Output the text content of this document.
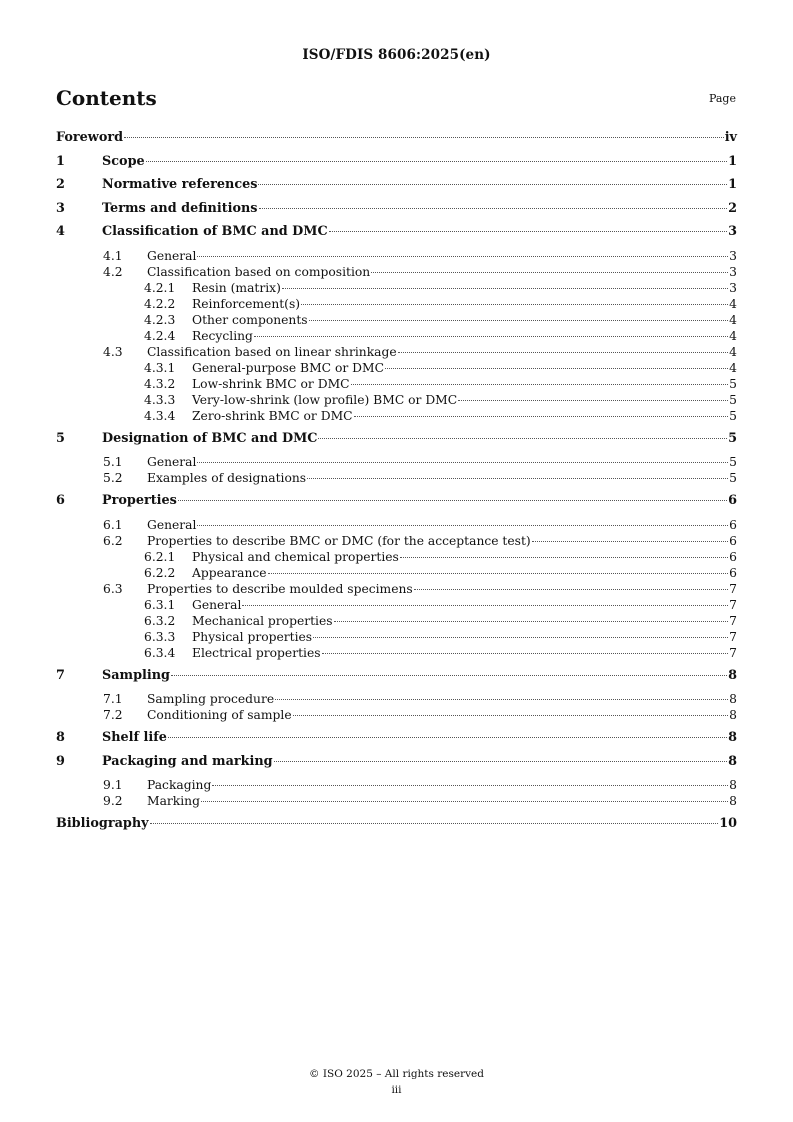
ISO/FDIS 8606:2025(en)
Contents	Page
Foreword	iv
1	Scope	1
2	Normative references	1
3	Terms and definitions	2
4	Classification of BMC and DMC	3
4.1 General	3
4.2 Classification based on composition	3
4.2.1 Resin (matrix)	3
4.2.2 Reinforcement(s)	4
4.2.3 Other components	4
4.2.4 Recycling	4
4.3 Classification based on linear shrinkage	4
4.3.1 General-purpose BMC or DMC	4
4.3.2 Low-shrink BMC or DMC	5
4.3.3 Very-low-shrink (low profile) BMC or DMC	5
4.3.4 Zero-shrink BMC or DMC	5
5	Designation of BMC and DMC	5
5.1 General	5
5.2 Examples of designations	5
6	Properties	6
6.1 General	6
6.2 Properties to describe BMC or DMC (for the acceptance test)	6
6.2.1 Physical and chemical properties	6
6.2.2 Appearance	6
6.3 Properties to describe moulded specimens	7
6.3.1 General	7
6.3.2 Mechanical properties	7
6.3.3 Physical properties	7
6.3.4 Electrical properties	7
7	Sampling	8
7.1 Sampling procedure	8
7.2 Conditioning of sample	8
8	Shelf life	8
9	Packaging and marking	8
9.1 Packaging	8
9.2 Marking	8
Bibliography	10
© ISO 2025 – All rights reserved
iii
